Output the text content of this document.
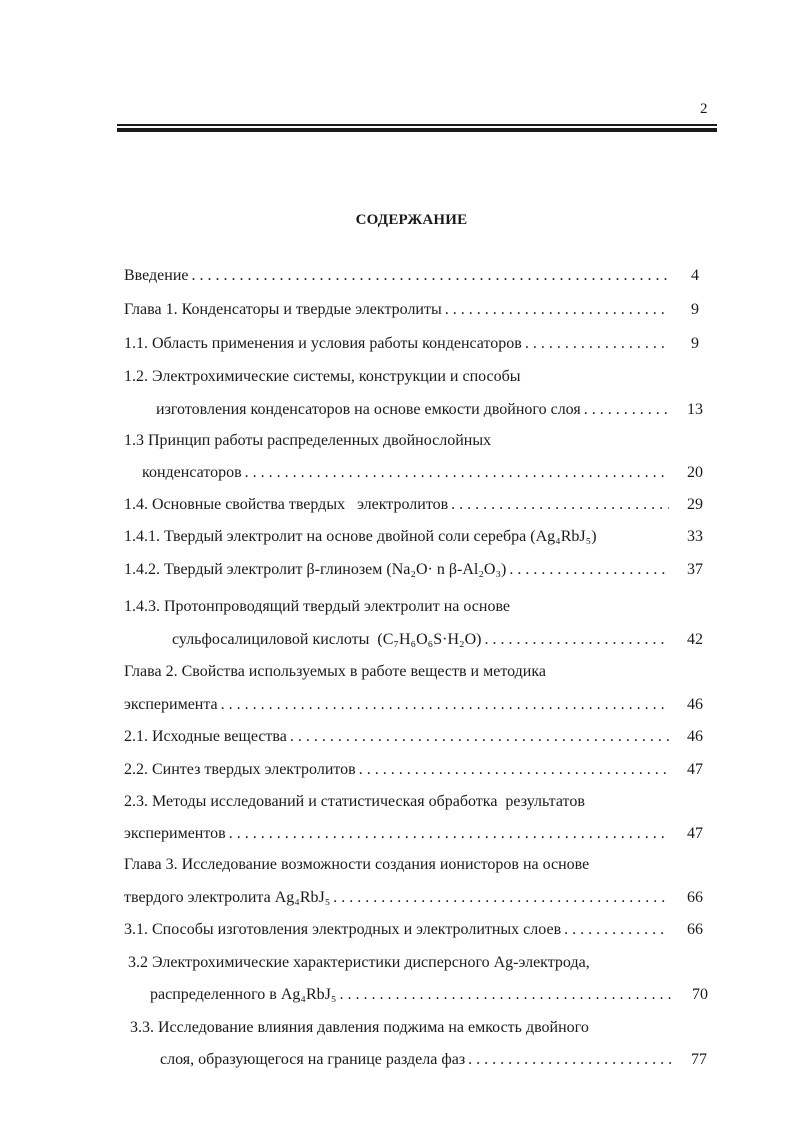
2
СОДЕРЖАНИЕ
Введение . . .	4
Глава 1. Конденсаторы и твердые электролиты . . .	9
1.1. Область применения и условия работы конденсаторов . . .	9
1.2. Электрохимические системы, конструкции и способы
изготовления конденсаторов на основе емкости двойного слоя . . .	13
1.3 Принцип работы распределенных двойнослойных
конденсаторов . . .	20
1.4. Основные свойства твердых   электролитов . . .	29
1.4.1. Твердый электролит на основе двойной соли серебра (Ag₄RbJ₅)	33
1.4.2. Твердый электролит β-глинозем (Na₂O· n β-Al₂O₃) . . .	37
1.4.3. Протонпроводящий твердый электролит на основе
сульфосалициловой кислоты  (C₇H₆O₆S·H₂O) . . .	42
Глава 2. Свойства используемых в работе веществ и методика
эксперимента . . .	46
2.1. Исходные вещества . . .	46
2.2. Синтез твердых электролитов . . .	47
2.3. Методы исследований и статистическая обработка  результатов
экспериментов . . .	47
Глава 3. Исследование возможности создания ионисторов на основе
твердого электролита Ag₄RbJ₅ . . .	66
3.1. Способы изготовления электродных и электролитных слоев . . .	66
3.2 Электрохимические характеристики дисперсного Ag-электрода,
распределенного в Ag₄RbJ₅ . . .	70
3.3. Исследование влияния давления поджима на емкость двойного
слоя, образующегося на границе раздела фаз . . .	77
